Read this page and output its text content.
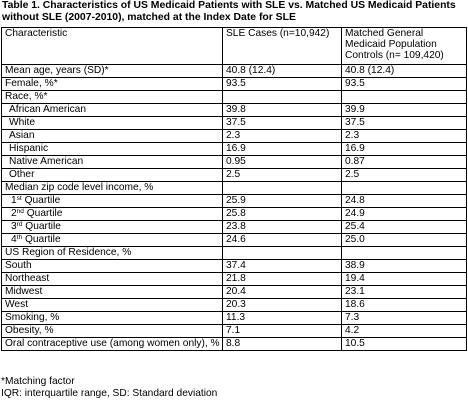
Table 1. Characteristics of US Medicaid Patients with SLE vs. Matched US Medicaid Patients without SLE (2007-2010), matched at the Index Date for SLE
Characteristic	SLE Cases (n=10,942)	Matched General Medicaid Population Controls (n= 109,420)
Mean age, years (SD)*	40.8 (12.4)	40.8 (12.4)
Female, %*	93.5	93.5
Race, %*		
African American	39.8	39.9
White	37.5	37.5
Asian	2.3	2.3
Hispanic	16.9	16.9
Native American	0.95	0.87
Other	2.5	2.5
Median zip code level income, %		
1st Quartile	25.9	24.8
2nd Quartile	25.8	24.9
3rd Quartile	23.8	25.4
4th Quartile	24.6	25.0
US Region of Residence, %		
South	37.4	38.9
Northeast	21.8	19.4
Midwest	20.4	23.1
West	20.3	18.6
Smoking, %	11.3	7.3
Obesity, %	7.1	4.2
Oral contraceptive use (among women only), %	8.8	10.5
*Matching factor
IQR: interquartile range, SD: Standard deviation
